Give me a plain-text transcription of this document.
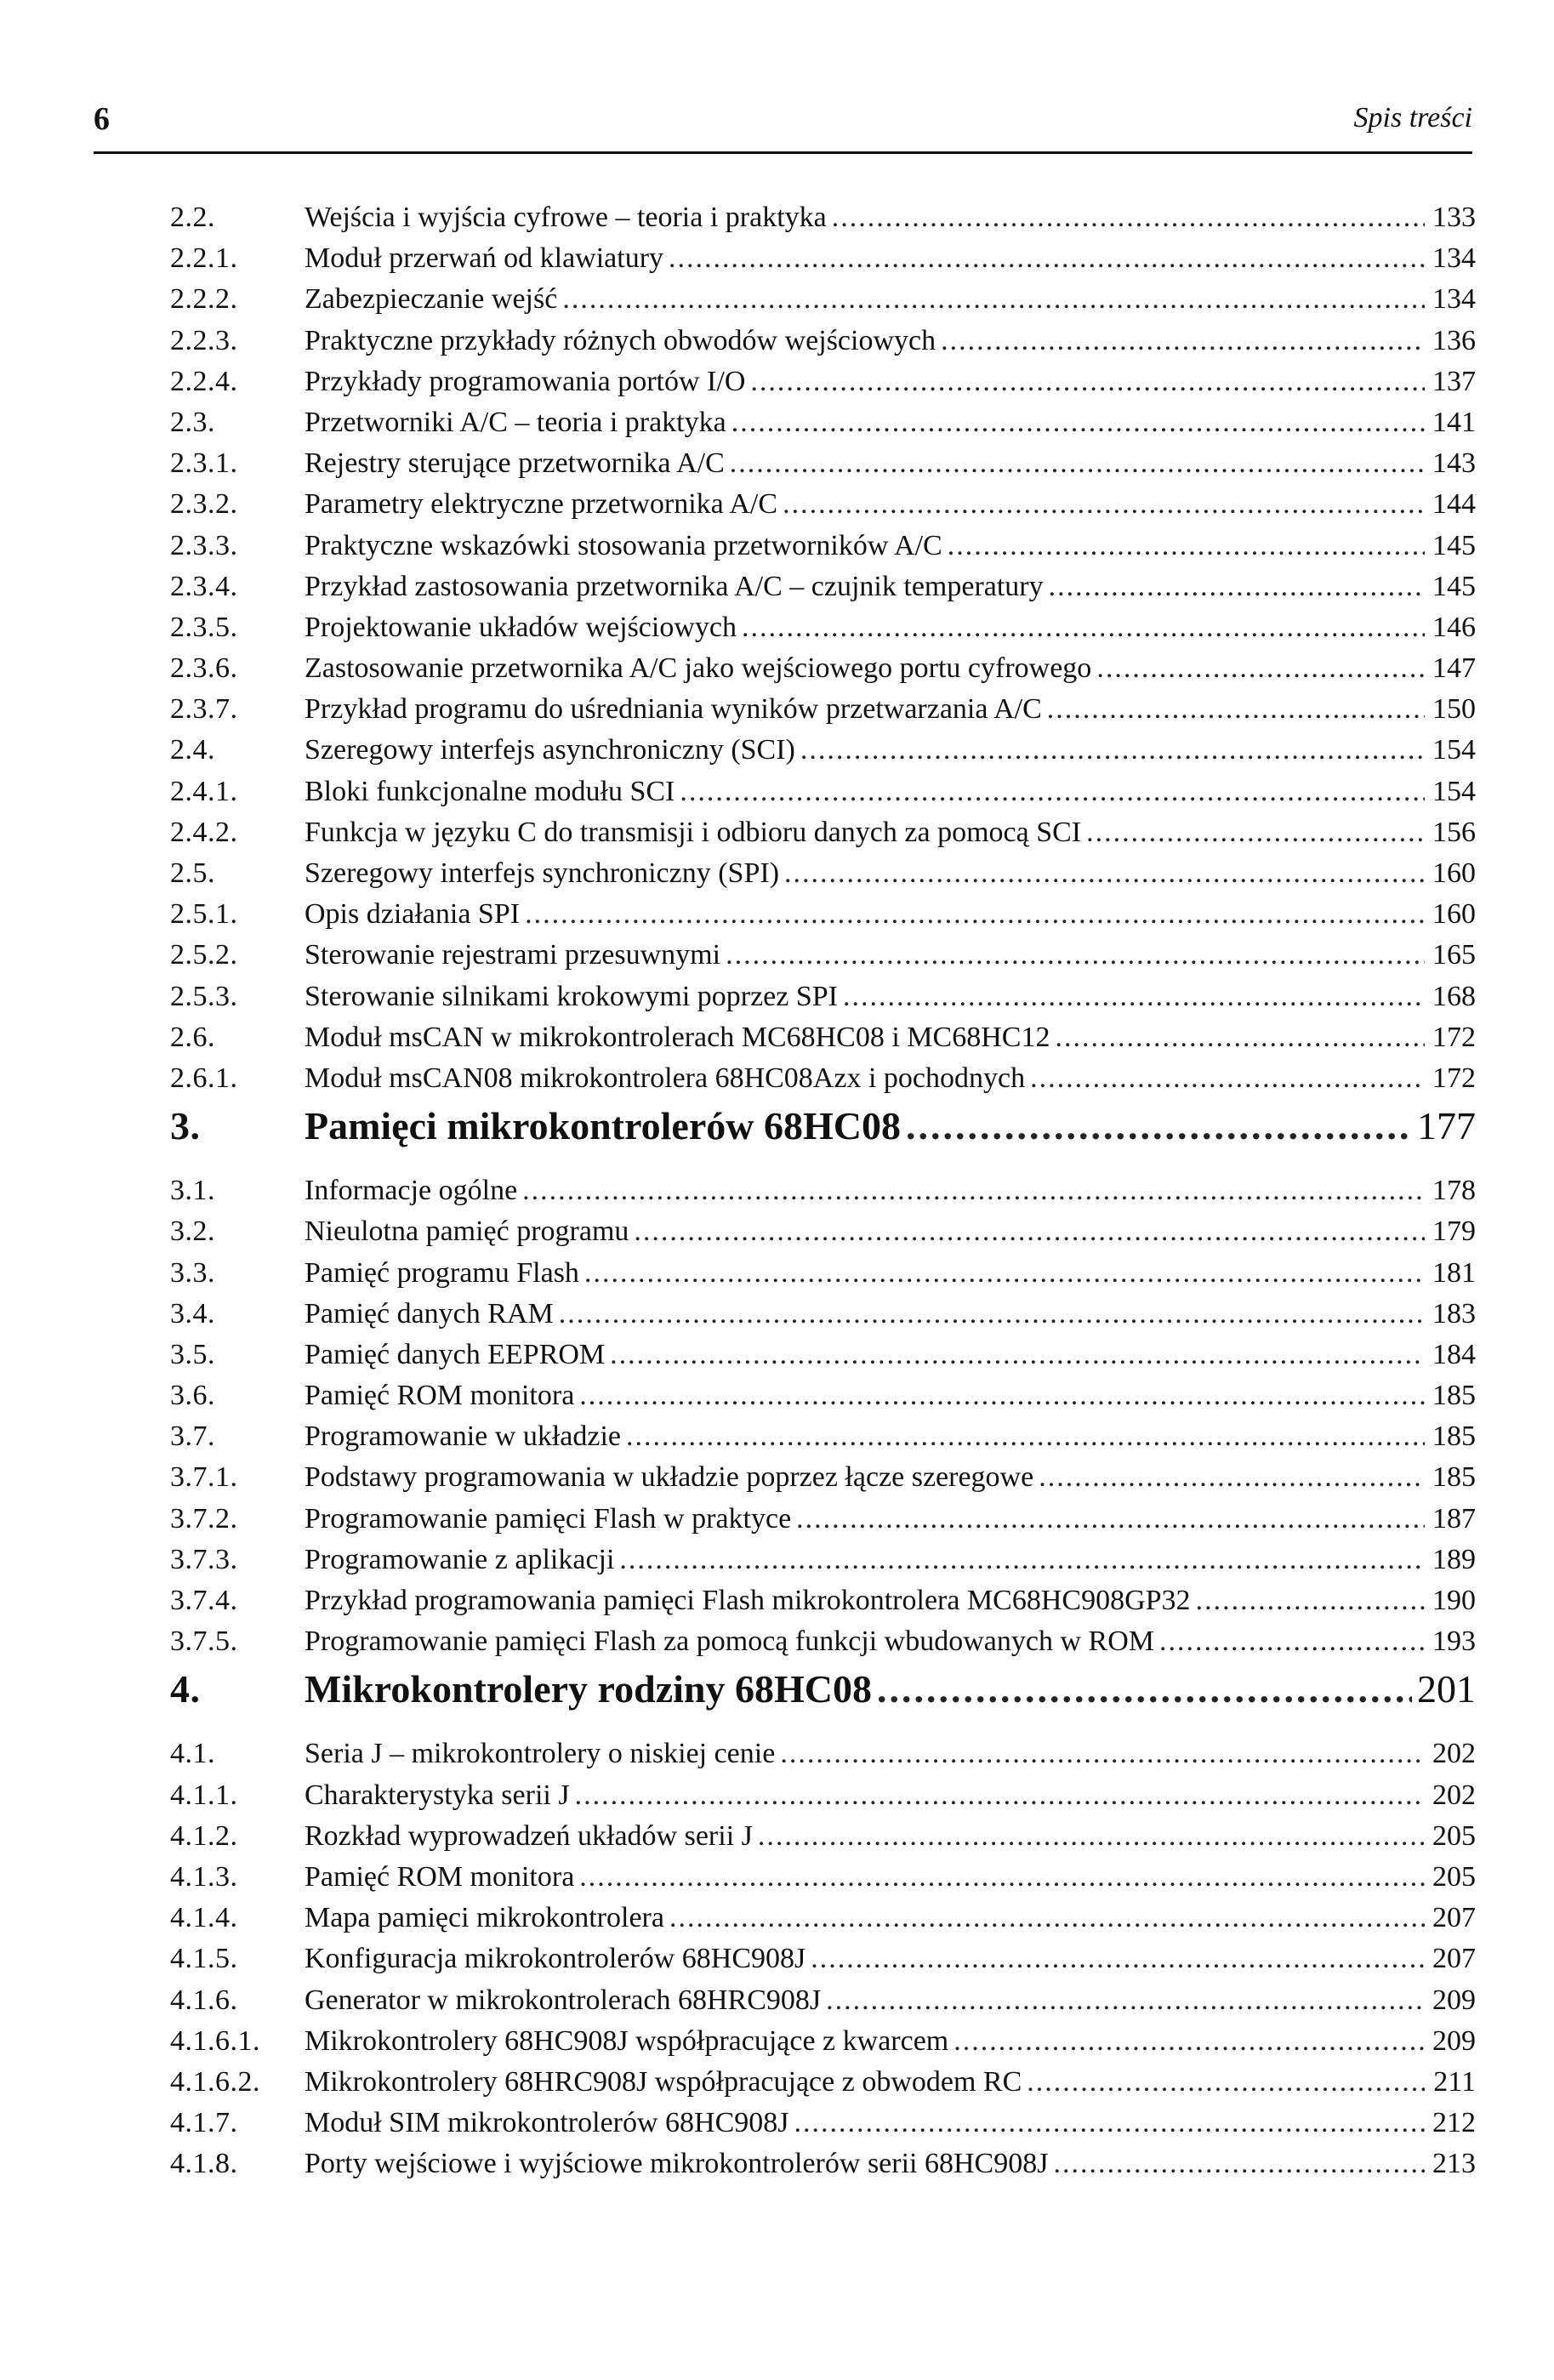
6	Spis treści
2.2.	Wejścia i wyjścia cyfrowe – teoria i praktyka .....	133
2.2.1.	Moduł przerwań od klawiatury .....	134
2.2.2.	Zabezpieczanie wejść .....	134
2.2.3.	Praktyczne przykłady różnych obwodów wejściowych .....	136
2.2.4.	Przykłady programowania portów I/O .....	137
2.3.	Przetworniki A/C – teoria i praktyka .....	141
2.3.1.	Rejestry sterujące przetwornika A/C .....	143
2.3.2.	Parametry elektryczne przetwornika A/C .....	144
2.3.3.	Praktyczne wskazówki stosowania przetworników A/C .....	145
2.3.4.	Przykład zastosowania przetwornika A/C – czujnik temperatury .....	145
2.3.5.	Projektowanie układów wejściowych .....	146
2.3.6.	Zastosowanie przetwornika A/C jako wejściowego portu cyfrowego .....	147
2.3.7.	Przykład programu do uśredniania wyników przetwarzania A/C .....	150
2.4.	Szeregowy interfejs asynchroniczny (SCI) .....	154
2.4.1.	Bloki funkcjonalne modułu SCI .....	154
2.4.2.	Funkcja w języku C do transmisji i odbioru danych za pomocą SCI .....	156
2.5.	Szeregowy interfejs synchroniczny (SPI) .....	160
2.5.1.	Opis działania SPI .....	160
2.5.2.	Sterowanie rejestrami przesuwnymi .....	165
2.5.3.	Sterowanie silnikami krokowymi poprzez SPI .....	168
2.6.	Moduł msCAN w mikrokontrolerach MC68HC08 i MC68HC12 .....	172
2.6.1.	Moduł msCAN08 mikrokontrolera 68HC08Azx i pochodnych .....	172
3.	Pamięci mikrokontrolerów 68HC08 .....	177
3.1.	Informacje ogólne .....	178
3.2.	Nieulotna pamięć programu .....	179
3.3.	Pamięć programu Flash .....	181
3.4.	Pamięć danych RAM .....	183
3.5.	Pamięć danych EEPROM .....	184
3.6.	Pamięć ROM monitora .....	185
3.7.	Programowanie w układzie .....	185
3.7.1.	Podstawy programowania w układzie poprzez łącze szeregowe .....	185
3.7.2.	Programowanie pamięci Flash w praktyce .....	187
3.7.3.	Programowanie z aplikacji .....	189
3.7.4.	Przykład programowania pamięci Flash mikrokontrolera MC68HC908GP32 .....	190
3.7.5.	Programowanie pamięci Flash za pomocą funkcji wbudowanych w ROM .....	193
4.	Mikrokontrolery rodziny 68HC08 .....	201
4.1.	Seria J – mikrokontrolery o niskiej cenie .....	202
4.1.1.	Charakterystyka serii J .....	202
4.1.2.	Rozkład wyprowadzeń układów serii J .....	205
4.1.3.	Pamięć ROM monitora .....	205
4.1.4.	Mapa pamięci mikrokontrolera .....	207
4.1.5.	Konfiguracja mikrokontrolerów 68HC908J .....	207
4.1.6.	Generator w mikrokontrolerach 68HRC908J .....	209
4.1.6.1.	Mikrokontrolery 68HC908J współpracujące z kwarcem .....	209
4.1.6.2.	Mikrokontrolery 68HRC908J współpracujące z obwodem RC .....	211
4.1.7.	Moduł SIM mikrokontrolerów 68HC908J .....	212
4.1.8.	Porty wejściowe i wyjściowe mikrokontrolerów serii 68HC908J .....	213
